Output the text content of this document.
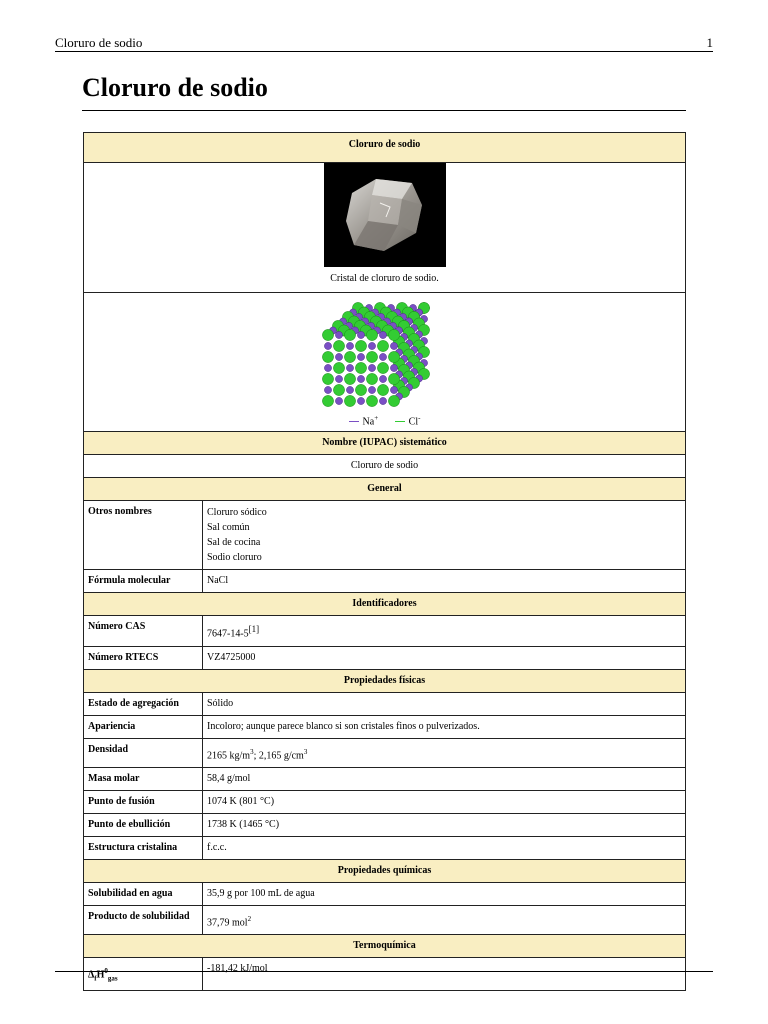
Cloruro de sodio	1
Cloruro de sodio
Cloruro de sodio	

Cristal de cloruro de sodio.	

Na+ Cl-

Nombre (IUPAC) sistemático	
Cloruro de sodio	
General	
Otros nombres	Cloruro sódico
Sal común
Sal de cocina
Sodio cloruro

Fórmula molecular	NaCl
Identificadores	
Número CAS	7647-14-5[1]
Número RTECS	VZ4725000
Propiedades físicas	
Estado de agregación	Sólido
Apariencia	Incoloro; aunque parece blanco si son cristales finos o pulverizados.
Densidad	2165 $kg/m^3$; 2,165 $g/cm^3$
Masa molar	58,4 g/mol
Punto de fusión	1074 K (801 °C)
Punto de ebullición	1738 K (1465 °C)
Estructura cristalina	f.c.c.
Propiedades químicas	
Solubilidad en agua	35,9 g por 100 mL de agua
Producto de solubilidad	37,79 mol$^2$
Termoquímica	
$\Delta_fH^0_{gas}$	-181,42 kJ/mol
